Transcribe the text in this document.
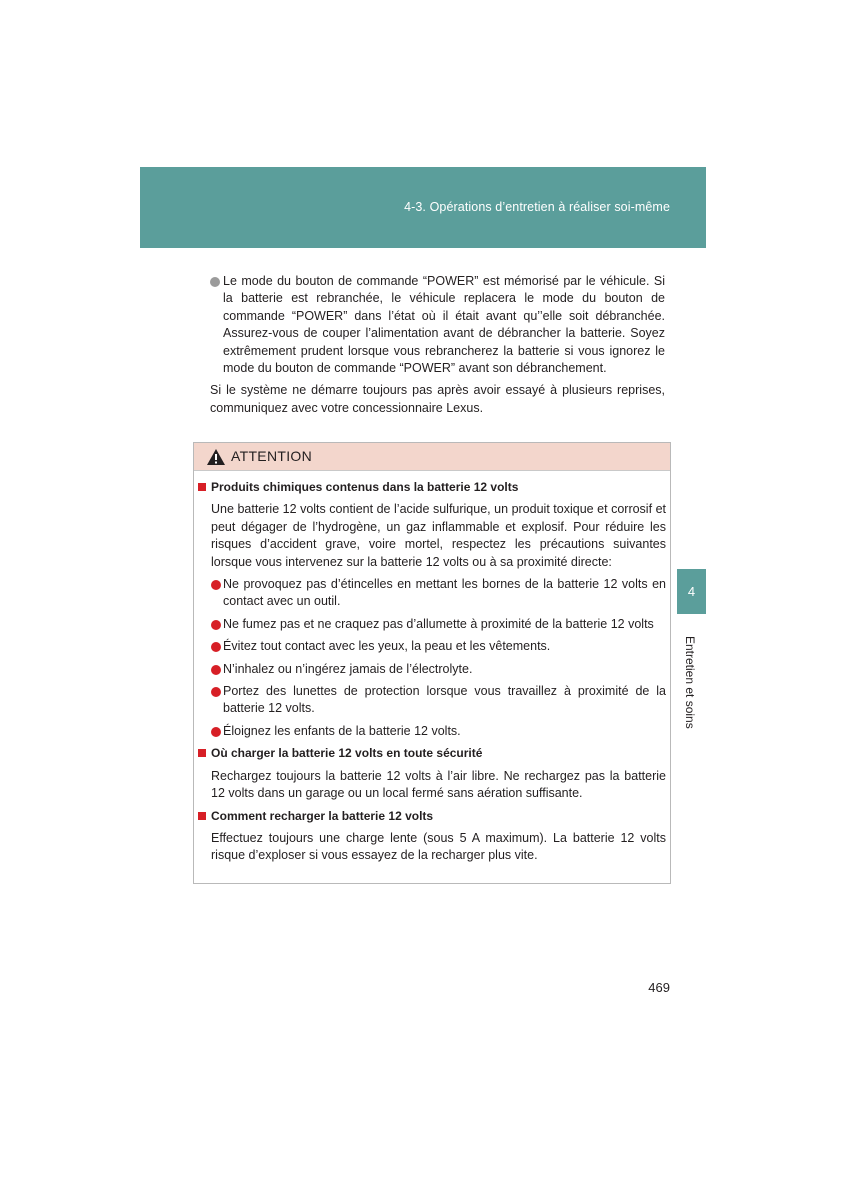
4-3. Opérations d’entretien à réaliser soi-même
4
Entretien et soins
Le mode du bouton de commande “POWER” est mémorisé par le véhicule. Si la batterie est rebranchée, le véhicule replacera le mode du bouton de commande “POWER” dans l’état où il était avant qu’’elle soit débranchée. Assurez-vous de couper l’alimentation avant de débrancher la batterie. Soyez extrêmement prudent lorsque vous rebrancherez la batterie si vous ignorez le mode du bouton de commande “POWER” avant son débranchement.
Si le système ne démarre toujours pas après avoir essayé à plusieurs reprises, communiquez avec votre concessionnaire Lexus.
ATTENTION
Produits chimiques contenus dans la batterie 12 volts
Une batterie 12 volts contient de l’acide sulfurique, un produit toxique et corrosif et peut dégager de l’hydrogène, un gaz inflammable et explosif. Pour réduire les risques d’accident grave, voire mortel, respectez les précautions suivantes lorsque vous intervenez sur la batterie 12 volts ou à sa proximité directe:
Ne provoquez pas d’étincelles en mettant les bornes de la batterie 12 volts en contact avec un outil.
Ne fumez pas et ne craquez pas d’allumette à proximité de la batterie 12 volts
Évitez tout contact avec les yeux, la peau et les vêtements.
N’inhalez ou n’ingérez jamais de l’électrolyte.
Portez des lunettes de protection lorsque vous travaillez à proximité de la batterie 12 volts.
Éloignez les enfants de la batterie 12 volts.
Où charger la batterie 12 volts en toute sécurité
Rechargez toujours la batterie 12 volts à l’air libre. Ne rechargez pas la batterie 12 volts dans un garage ou un local fermé sans aération suffisante.
Comment recharger la batterie 12 volts
Effectuez toujours une charge lente (sous 5 A maximum). La batterie 12 volts risque d’exploser si vous essayez de la recharger plus vite.
469
